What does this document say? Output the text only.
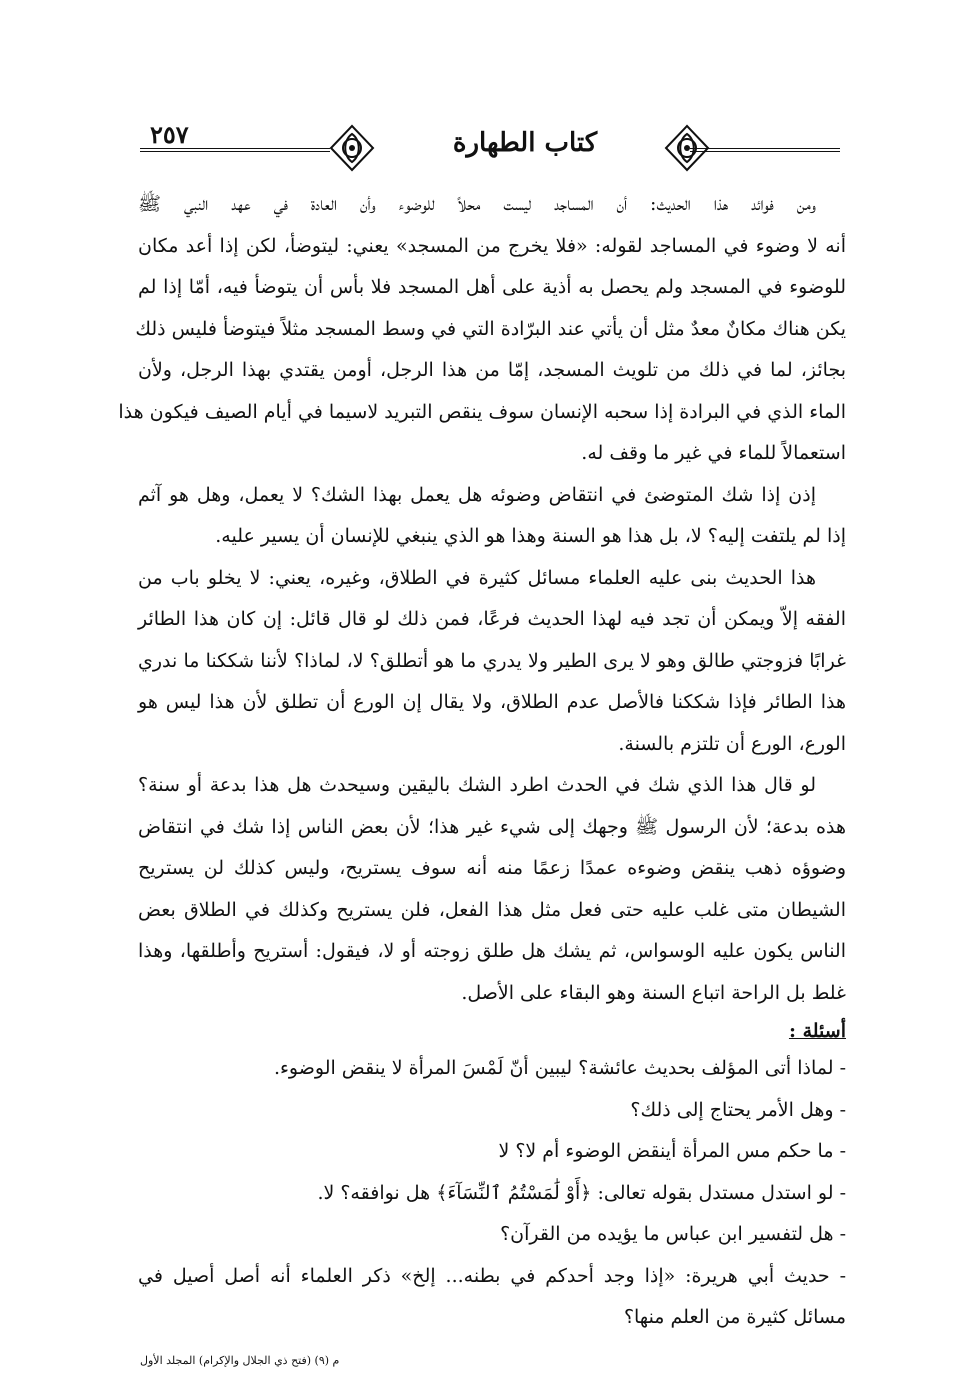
٢٥٧	كتاب الطهارة
ومن فوائد هذا الحديث: أن المساجد ليست محلاً للوضوء وأن العادة في عهد النبي ﷺ
أنه لا وضوء في المساجد لقوله: «فلا يخرج من المسجد» يعني: ليتوضأ، لكن إذا أعد مكان
للوضوء في المسجد ولم يحصل به أذية على أهل المسجد فلا بأس أن يتوضأ فيه، أمّا إذا لم
يكن هناك مكانٌ معدٌ مثل أن يأتي عند البرّادة التي في وسط المسجد مثلاً فيتوضأ فليس ذلك
بجائز، لما في ذلك من تلويث المسجد، إمّا من هذا الرجل، أومن يقتدي بهذا الرجل، ولأن
الماء الذي في البرادة إذا سحبه الإنسان سوف ينقص التبريد لاسيما في أيام الصيف فيكون هذا
استعمالاً للماء في غير ما وقف له.
إذن إذا شك المتوضئ في انتقاض وضوئه هل يعمل بهذا الشك؟ لا يعمل، وهل هو آثم
إذا لم يلتفت إليه؟ لا، بل هذا هو السنة وهذا هو الذي ينبغي للإنسان أن يسير عليه.
هذا الحديث بنى عليه العلماء مسائل كثيرة في الطلاق، وغيره، يعني: لا يخلو باب من
الفقه إلاّ ويمكن أن تجد فيه لهذا الحديث فرعًا، فمن ذلك لو قال قائل: إن كان هذا الطائر
غرابًا فزوجتي طالق وهو لا يرى الطير ولا يدري ما هو أتطلق؟ لا، لماذا؟ لأننا شككنا ما ندري
هذا الطائر فإذا شككنا فالأصل عدم الطلاق، ولا يقال إن الورع أن تطلق لأن هذا ليس هو
الورع، الورع أن تلتزم بالسنة.
لو قال هذا الذي شك في الحدث اطرد الشك باليقين وسيحدث هل هذا بدعة أو سنة؟
هذه بدعة؛ لأن الرسول ﷺ وجهك إلى شيء غير هذا؛ لأن بعض الناس إذا شك في انتقاض
وضوؤه ذهب ينقض وضوءه عمدًا زعمًا منه أنه سوف يستريح، وليس كذلك لن يستريح
الشيطان متى غلب عليه حتى فعل مثل هذا الفعل، فلن يستريح وكذلك في الطلاق بعض
الناس يكون عليه الوسواس، ثم يشك هل طلق زوجته أو لا، فيقول: أستريح وأطلقها، وهذا
غلط بل الراحة اتباع السنة وهو البقاء على الأصل.
أسئلة :
- لماذا أتى المؤلف بحديث عائشة؟ ليبين أنّ لَمْسَ المرأة لا ينقض الوضوء.
- وهل الأمر يحتاج إلى ذلك؟
- ما حكم مس المرأة أينقض الوضوء أم لا؟ لا
- لو استدل مستدل بقوله تعالى: ﴿أَوْ لَٰمَسْتُمُ ٱلنِّسَآءَ﴾ هل نوافقه؟ لا.
- هل لتفسير ابن عباس ما يؤيده من القرآن؟
- حديث أبي هريرة: «إذا وجد أحدكم في بطنه... إلخ» ذكر العلماء أنه أصل أصيل في
مسائل كثيرة من العلم منها؟
م (٩) (فتح ذي الجلال والإكرام) المجلد الأول
